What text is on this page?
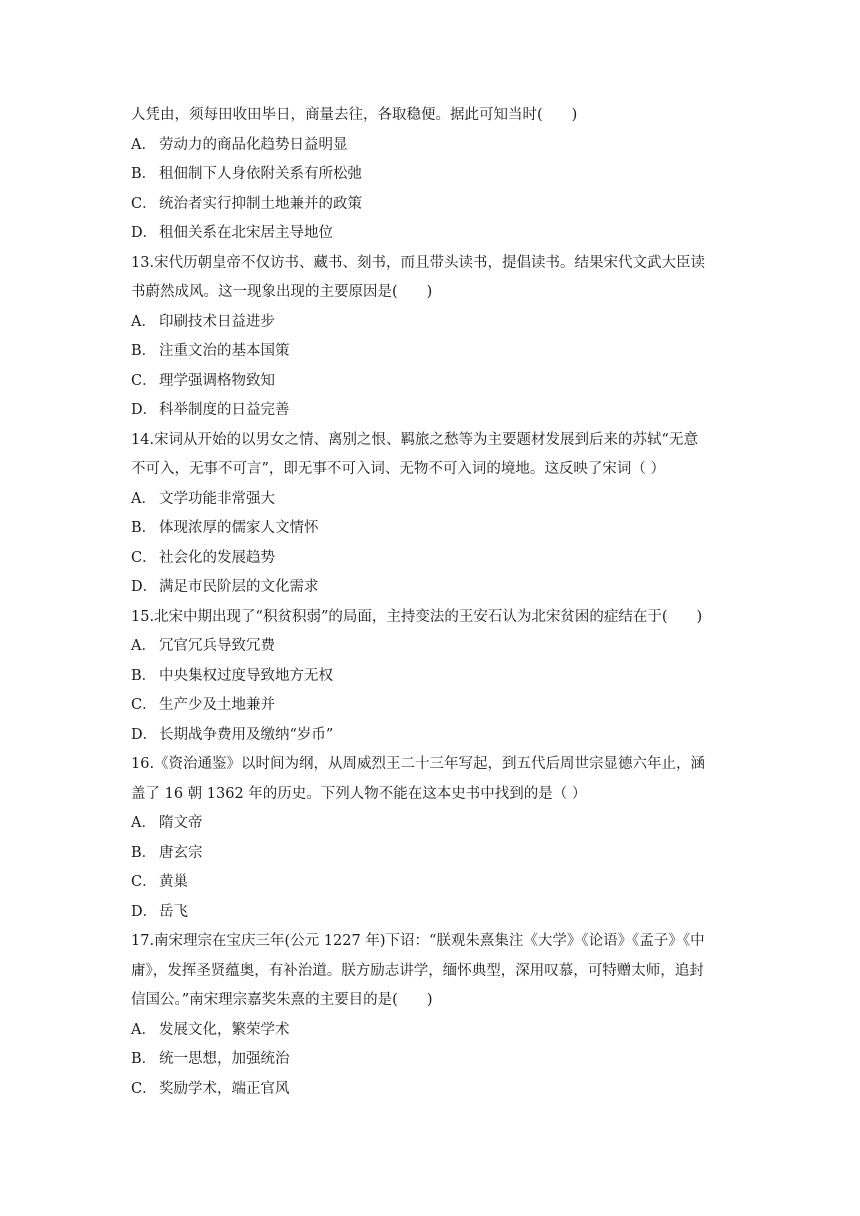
人凭由，须每田收田毕日，商量去往，各取稳便。据此可知当时(　　)
A． 劳动力的商品化趋势日益明显
B． 租佃制下人身依附关系有所松弛
C． 统治者实行抑制土地兼并的政策
D． 租佃关系在北宋居主导地位
13.宋代历朝皇帝不仅访书、藏书、刻书，而且带头读书，提倡读书。结果宋代文武大臣读
书蔚然成风。这一现象出现的主要原因是(　　)
A． 印刷技术日益进步
B． 注重文治的基本国策
C． 理学强调格物致知
D． 科举制度的日益完善
14.宋词从开始的以男女之情、离别之恨、羁旅之愁等为主要题材发展到后来的苏轼“无意
不可入，无事不可言”，即无事不可入词、无物不可入词的境地。这反映了宋词（ ）
A． 文学功能非常强大
B． 体现浓厚的儒家人文情怀
C． 社会化的发展趋势
D． 满足市民阶层的文化需求
15.北宋中期出现了“积贫积弱”的局面，主持变法的王安石认为北宋贫困的症结在于(　　)
A． 冗官冗兵导致冗费
B． 中央集权过度导致地方无权
C． 生产少及土地兼并
D． 长期战争费用及缴纳“岁币”
16.《资治通鉴》以时间为纲，从周威烈王二十三年写起，到五代后周世宗显德六年止，涵
盖了 16 朝 1362 年的历史。下列人物不能在这本史书中找到的是（ ）
A． 隋文帝
B． 唐玄宗
C． 黄巢
D． 岳飞
17.南宋理宗在宝庆三年(公元 1227 年)下诏：“朕观朱熹集注《大学》《论语》《孟子》《中
庸》，发挥圣贤蕴奥，有补治道。朕方励志讲学，缅怀典型，深用叹慕，可特赠太师，追封
信国公。”南宋理宗嘉奖朱熹的主要目的是(　　)
A． 发展文化，繁荣学术
B． 统一思想，加强统治
C． 奖励学术，端正官风
